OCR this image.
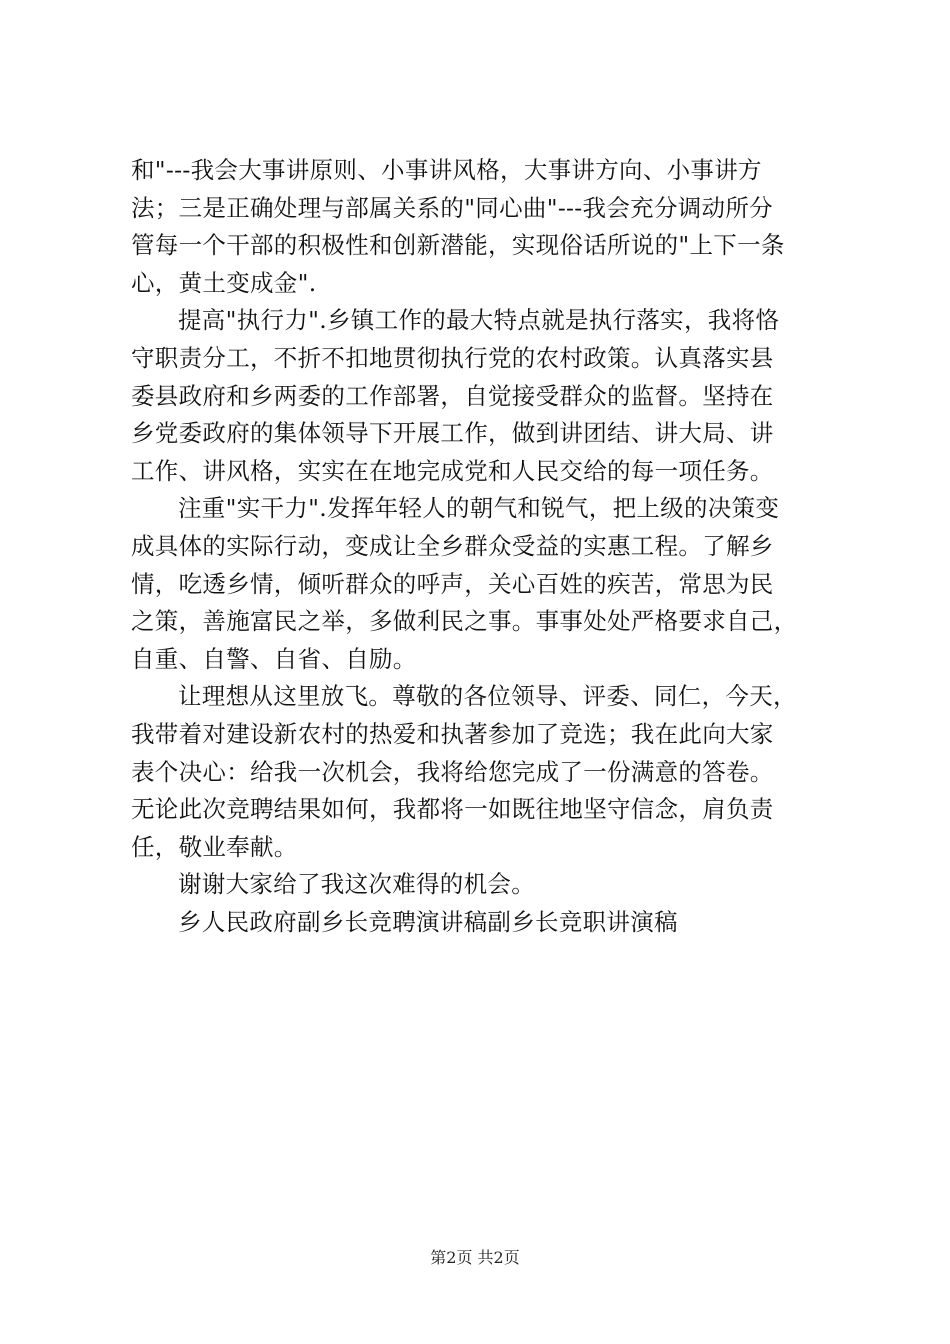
和"---我会大事讲原则、小事讲风格，大事讲方向、小事讲方
法；三是正确处理与部属关系的"同心曲"---我会充分调动所分
管每一个干部的积极性和创新潜能，实现俗话所说的"上下一条
心，黄土变成金".
提高"执行力".乡镇工作的最大特点就是执行落实，我将恪
守职责分工，不折不扣地贯彻执行党的农村政策。认真落实县
委县政府和乡两委的工作部署，自觉接受群众的监督。坚持在
乡党委政府的集体领导下开展工作，做到讲团结、讲大局、讲
工作、讲风格，实实在在地完成党和人民交给的每一项任务。
注重"实干力".发挥年轻人的朝气和锐气，把上级的决策变
成具体的实际行动，变成让全乡群众受益的实惠工程。了解乡
情，吃透乡情，倾听群众的呼声，关心百姓的疾苦，常思为民
之策，善施富民之举，多做利民之事。事事处处严格要求自己，
自重、自警、自省、自励。
让理想从这里放飞。尊敬的各位领导、评委、同仁，今天，
我带着对建设新农村的热爱和执著参加了竞选；我在此向大家
表个决心：给我一次机会，我将给您完成了一份满意的答卷。
无论此次竞聘结果如何，我都将一如既往地坚守信念，肩负责
任，敬业奉献。
谢谢大家给了我这次难得的机会。
乡人民政府副乡长竞聘演讲稿副乡长竞职讲演稿
第2页 共2页
